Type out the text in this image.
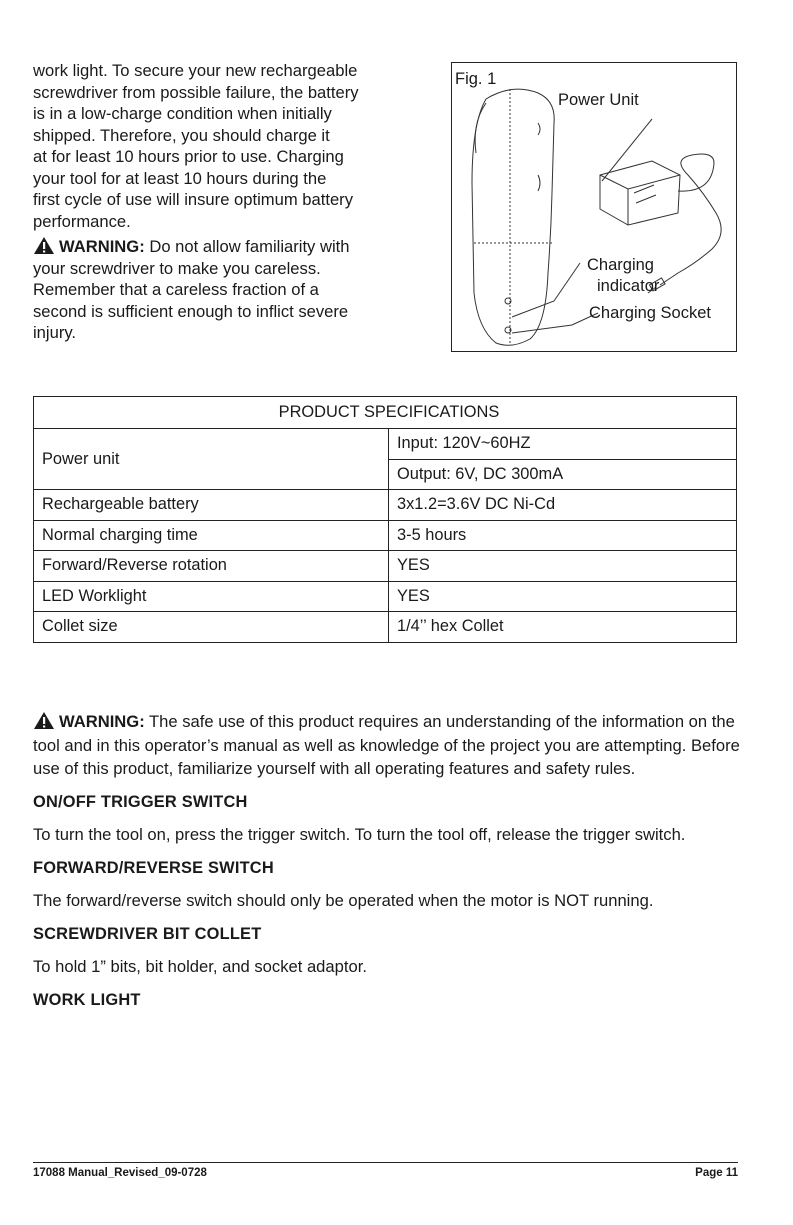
work light. To secure your new rechargeable
screwdriver from possible failure, the battery
is in a low-charge condition when initially
shipped. Therefore, you should charge it
at for least 10 hours prior to use. Charging
your tool for at least 10 hours during the
first cycle of use will insure optimum battery
performance.
WARNING: Do not allow familiarity with
your screwdriver to make you careless.
Remember that a careless fraction of a
second is sufficient enough to inflict severe
injury.
Fig. 1
Power Unit
Charging
indicator
Charging Socket
PRODUCT SPECIFICATIONS	
Power unit	Input: 120V~60HZ
	Output: 6V, DC 300mA
Rechargeable battery	3x1.2=3.6V DC Ni-Cd
Normal charging time	3-5 hours
Forward/Reverse rotation	YES
LED Worklight	YES
Collet size	1/4’’ hex Collet

WARNING: The safe use of this product requires an understanding of the information on the tool and in this operator’s manual as well as knowledge of the project you are attempting. Before use of this product, familiarize yourself with all operating features and safety rules.

ON/OFF TRIGGER SWITCH

To turn the tool on, press the trigger switch. To turn the tool off, release the trigger switch.

FORWARD/REVERSE SWITCH

The forward/reverse switch should only be operated when the motor is NOT running.

SCREWDRIVER BIT COLLET

To hold 1” bits, bit holder, and socket adaptor.

WORK LIGHT
17088 Manual_Revised_09-0728	Page 11
